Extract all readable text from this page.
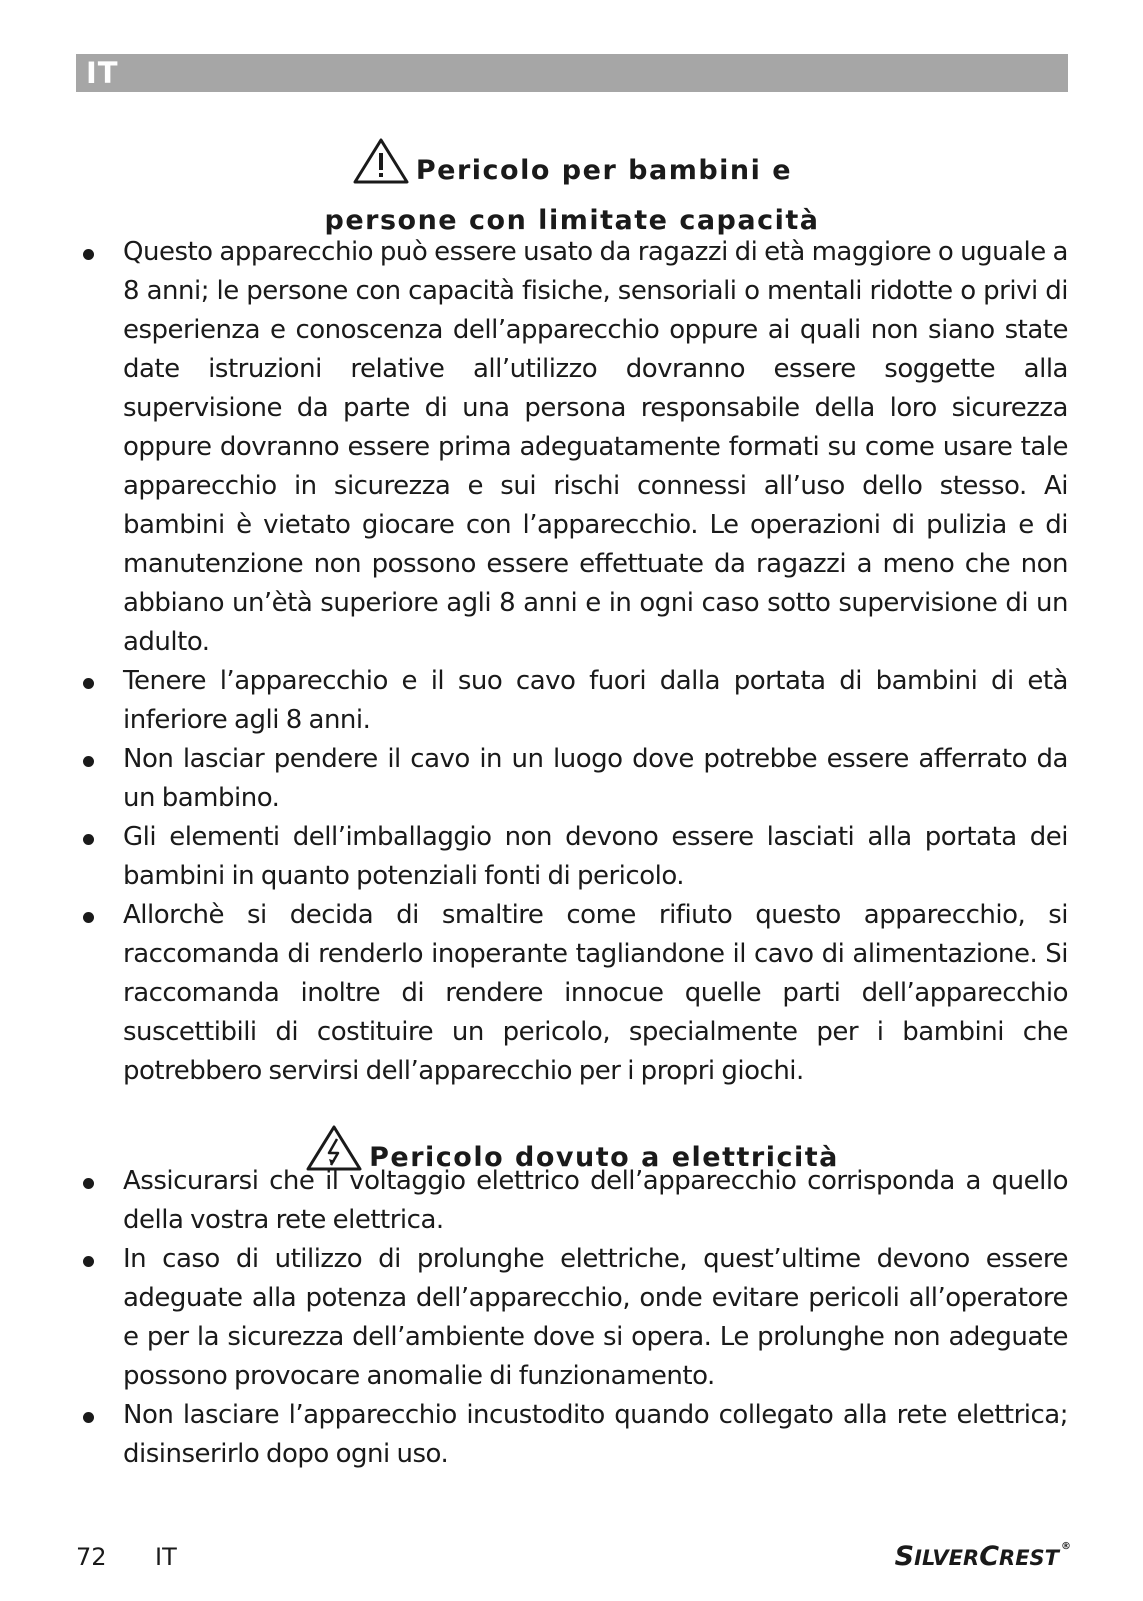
IT
Pericolo per bambini e
persone con limitate capacità
Questo apparecchio può essere usato da ragazzi di età maggiore o uguale a 8 anni; le persone con capacità fisiche, sensoriali o mentali ridotte o privi di esperienza e conoscenza dell’apparecchio oppure ai quali non siano state date istruzioni relative all’utilizzo dovranno essere soggette alla supervisione da parte di una persona responsabile della loro sicurezza oppure dovranno essere prima adeguatamente formati su come usare tale apparecchio in sicurezza e sui rischi connessi all’uso dello stesso. Ai bambini è vietato giocare con l’apparecchio. Le operazioni di pulizia e di manutenzione non possono essere effettuate da ragazzi a meno che non abbiano un’ètà superiore agli 8 anni e in ogni caso sotto supervisione di un adulto.
Tenere l’apparecchio e il suo cavo fuori dalla portata di bambini di età inferiore agli 8 anni.
Non lasciar pendere il cavo in un luogo dove potrebbe essere afferrato da un bambino.
Gli elementi dell’imballaggio non devono essere lasciati alla portata dei bambini in quanto potenziali fonti di pericolo.
Allorchè si decida di smaltire come rifiuto questo apparecchio, si raccomanda di renderlo inoperante tagliandone il cavo di alimentazione. Si raccomanda inoltre di rendere innocue quelle parti dell’apparecchio suscettibili di costituire un pericolo, specialmente per i bambini che potrebbero servirsi dell’apparecchio per i propri giochi.
Pericolo dovuto a elettricità
Assicurarsi che il voltaggio elettrico dell’apparecchio corrisponda a quello della vostra rete elettrica.
In caso di utilizzo di prolunghe elettriche, quest’ultime devono essere adeguate alla potenza dell’apparecchio, onde evitare pericoli all’operatore e per la sicurezza dell’ambiente dove si opera. Le prolunghe non adeguate possono provocare anomalie di funzionamento.
Non lasciare l’apparecchio incustodito quando collegato alla rete elettrica; disinserirlo dopo ogni uso.
72 IT	SILVERCREST ®
